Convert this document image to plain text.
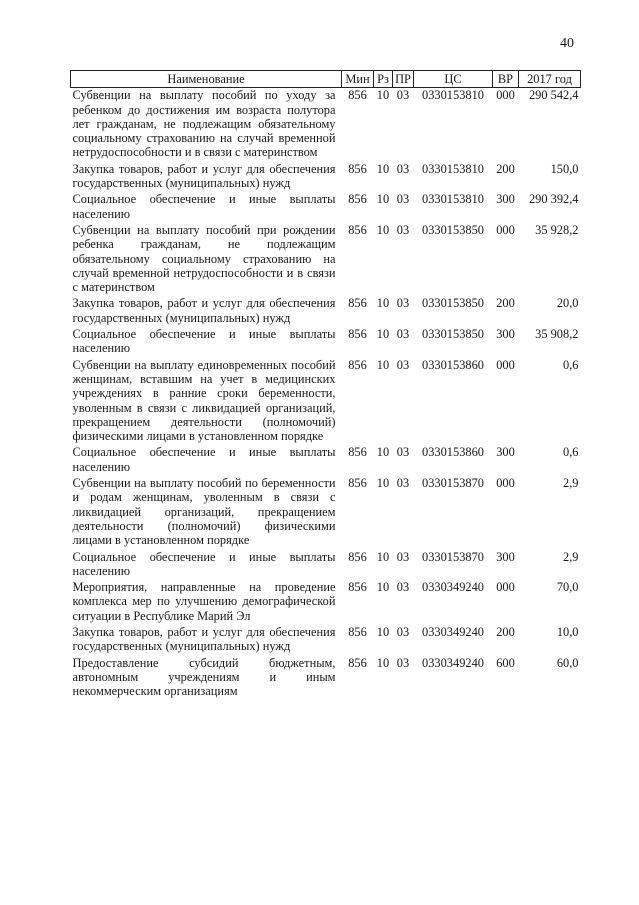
40
Наименование	Мин	Рз	ПР	ЦС	ВР	2017 год
Субвенции на выплату пособий по уходу за ребенком до достижения им возраста полутора лет гражданам, не подлежащим обязательному социальному страхованию на случай временной нетрудоспособности и в связи с материнством	856	10	03	0330153810	000	290 542,4
Закупка товаров, работ и услуг для обеспечения государственных (муниципальных) нужд	856	10	03	0330153810	200	150,0
Социальное обеспечение и иные выплаты населению	856	10	03	0330153810	300	290 392,4
Субвенции на выплату пособий при рождении ребенка гражданам, не подлежащим обязательному социальному страхованию на случай временной нетрудоспособности и в связи с материнством	856	10	03	0330153850	000	35 928,2
Закупка товаров, работ и услуг для обеспечения государственных (муниципальных) нужд	856	10	03	0330153850	200	20,0
Социальное обеспечение и иные выплаты населению	856	10	03	0330153850	300	35 908,2
Субвенции на выплату единовременных пособий женщинам, вставшим на учет в медицинских учреждениях в ранние сроки беременности, уволенным в связи с ликвидацией организаций, прекращением деятельности (полномочий) физическими лицами в установленном порядке	856	10	03	0330153860	000	0,6
Социальное обеспечение и иные выплаты населению	856	10	03	0330153860	300	0,6
Субвенции на выплату пособий по беременности и родам женщинам, уволенным в связи с ликвидацией организаций, прекращением деятельности (полномочий) физическими лицами в установленном порядке	856	10	03	0330153870	000	2,9
Социальное обеспечение и иные выплаты населению	856	10	03	0330153870	300	2,9
Мероприятия, направленные на проведение комплекса мер по улучшению демографической ситуации в Республике Марий Эл	856	10	03	0330349240	000	70,0
Закупка товаров, работ и услуг для обеспечения государственных (муниципальных) нужд	856	10	03	0330349240	200	10,0
Предоставление субсидий бюджетным, автономным учреждениям и иным некоммерческим организациям	856	10	03	0330349240	600	60,0
